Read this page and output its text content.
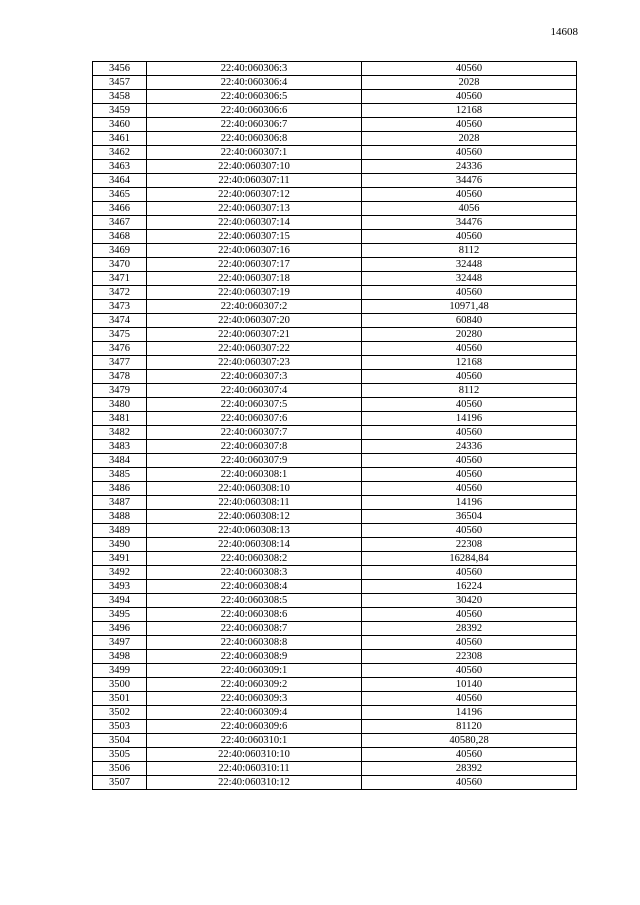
14608
3456	22:40:060306:3	40560
3457	22:40:060306:4	2028
3458	22:40:060306:5	40560
3459	22:40:060306:6	12168
3460	22:40:060306:7	40560
3461	22:40:060306:8	2028
3462	22:40:060307:1	40560
3463	22:40:060307:10	24336
3464	22:40:060307:11	34476
3465	22:40:060307:12	40560
3466	22:40:060307:13	4056
3467	22:40:060307:14	34476
3468	22:40:060307:15	40560
3469	22:40:060307:16	8112
3470	22:40:060307:17	32448
3471	22:40:060307:18	32448
3472	22:40:060307:19	40560
3473	22:40:060307:2	10971,48
3474	22:40:060307:20	60840
3475	22:40:060307:21	20280
3476	22:40:060307:22	40560
3477	22:40:060307:23	12168
3478	22:40:060307:3	40560
3479	22:40:060307:4	8112
3480	22:40:060307:5	40560
3481	22:40:060307:6	14196
3482	22:40:060307:7	40560
3483	22:40:060307:8	24336
3484	22:40:060307:9	40560
3485	22:40:060308:1	40560
3486	22:40:060308:10	40560
3487	22:40:060308:11	14196
3488	22:40:060308:12	36504
3489	22:40:060308:13	40560
3490	22:40:060308:14	22308
3491	22:40:060308:2	16284,84
3492	22:40:060308:3	40560
3493	22:40:060308:4	16224
3494	22:40:060308:5	30420
3495	22:40:060308:6	40560
3496	22:40:060308:7	28392
3497	22:40:060308:8	40560
3498	22:40:060308:9	22308
3499	22:40:060309:1	40560
3500	22:40:060309:2	10140
3501	22:40:060309:3	40560
3502	22:40:060309:4	14196
3503	22:40:060309:6	81120
3504	22:40:060310:1	40580,28
3505	22:40:060310:10	40560
3506	22:40:060310:11	28392
3507	22:40:060310:12	40560
